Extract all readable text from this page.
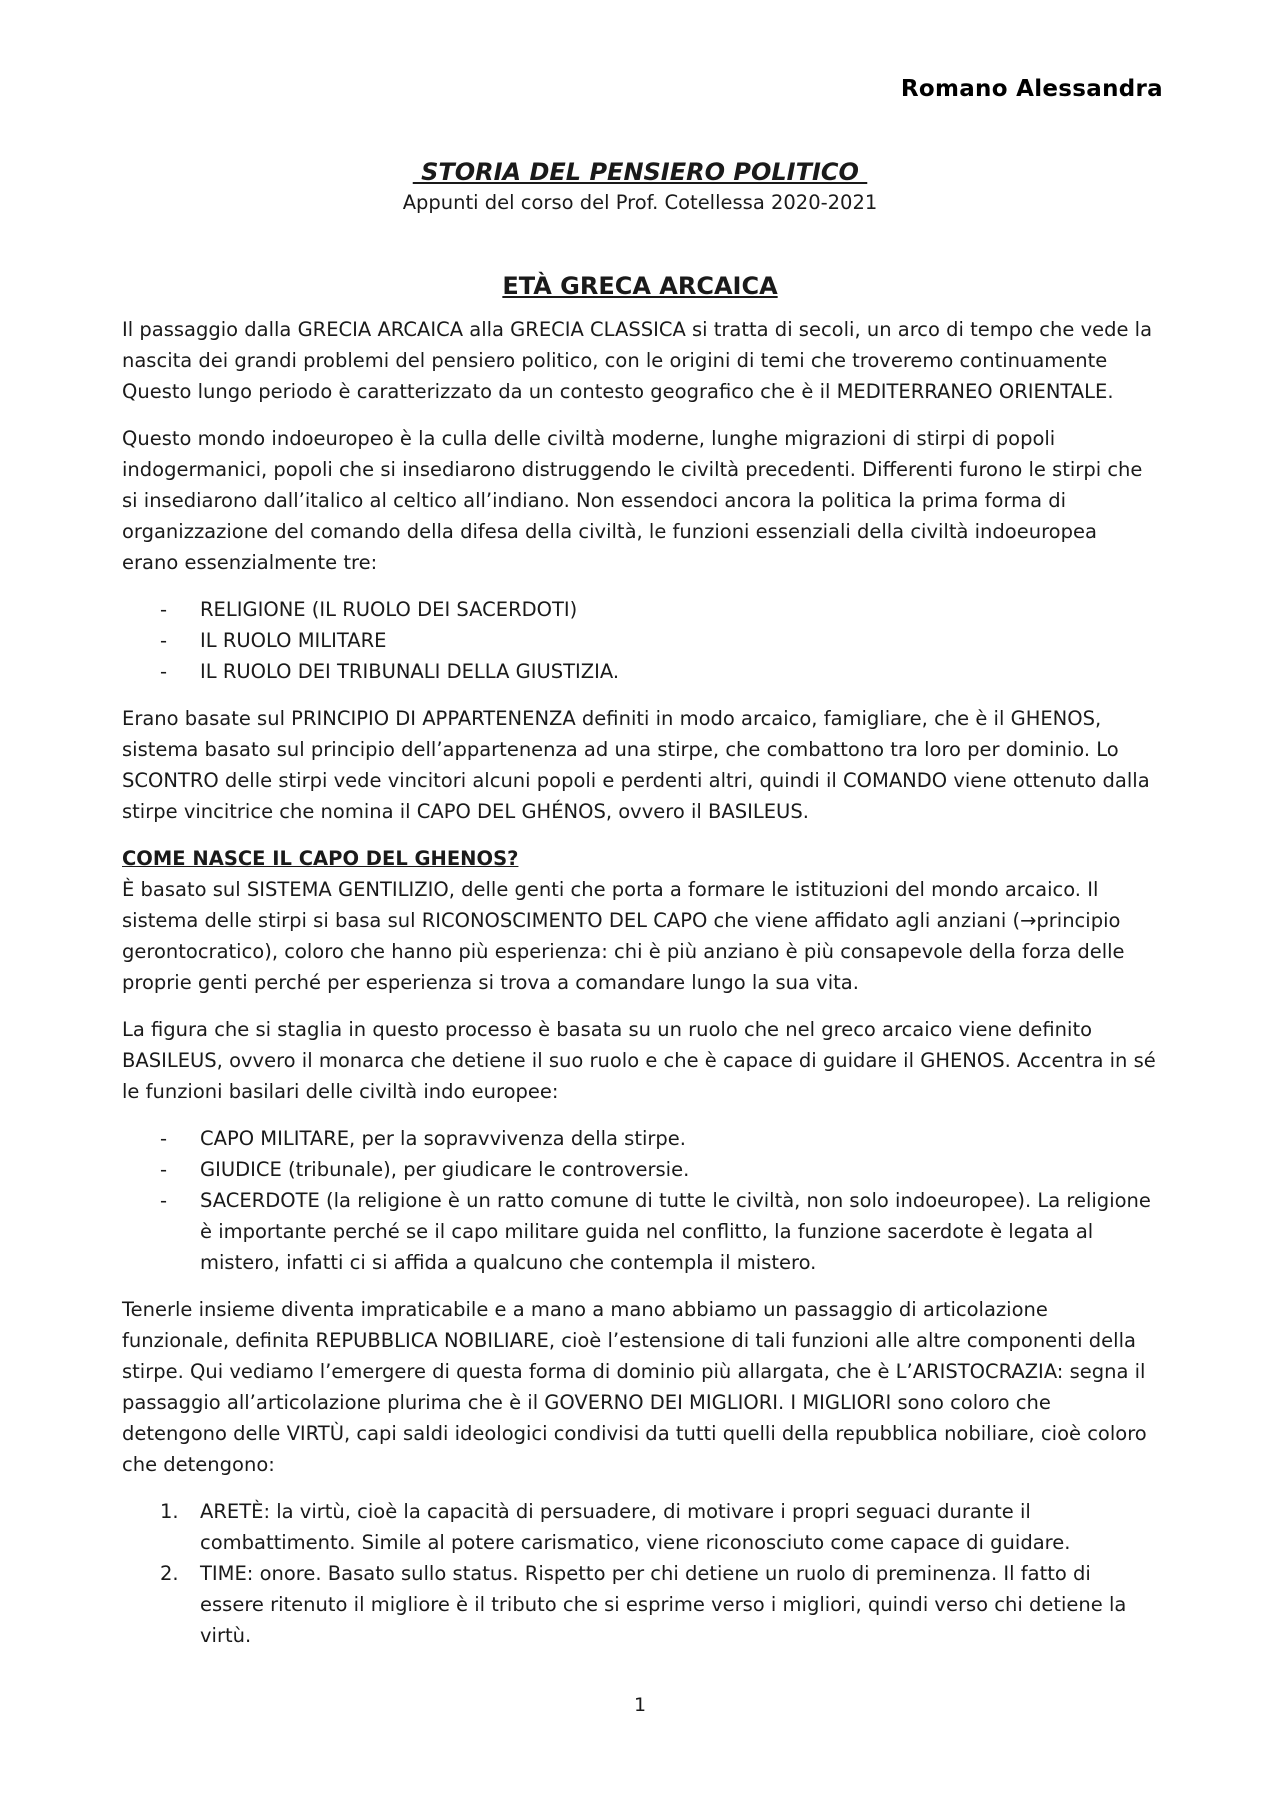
Romano Alessandra
STORIA DEL PENSIERO POLITICO
Appunti del corso del Prof. Cotellessa 2020-2021
ETÀ GRECA ARCAICA

Il passaggio dalla GRECIA ARCAICA alla GRECIA CLASSICA si tratta di secoli, un arco di tempo che vede la nascita dei grandi problemi del pensiero politico, con le origini di temi che troveremo continuamente Questo lungo periodo è caratterizzato da un contesto geografico che è il MEDITERRANEO ORIENTALE.

Questo mondo indoeuropeo è la culla delle civiltà moderne, lunghe migrazioni di stirpi di popoli indogermanici, popoli che si insediarono distruggendo le civiltà precedenti. Differenti furono le stirpi che si insediarono dall’italico al celtico all’indiano. Non essendoci ancora la politica la prima forma di organizzazione del comando della difesa della civiltà, le funzioni essenziali della civiltà indoeuropea erano essenzialmente tre:

- RELIGIONE (IL RUOLO DEI SACERDOTI)
- IL RUOLO MILITARE
- IL RUOLO DEI TRIBUNALI DELLA GIUSTIZIA.

Erano basate sul PRINCIPIO DI APPARTENENZA definiti in modo arcaico, famigliare, che è il GHENOS, sistema basato sul principio dell’appartenenza ad una stirpe, che combattono tra loro per dominio. Lo SCONTRO delle stirpi vede vincitori alcuni popoli e perdenti altri, quindi il COMANDO viene ottenuto dalla stirpe vincitrice che nomina il CAPO DEL GHÉNOS, ovvero il BASILEUS.

COME NASCE IL CAPO DEL GHENOS?

È basato sul SISTEMA GENTILIZIO, delle genti che porta a formare le istituzioni del mondo arcaico. Il sistema delle stirpi si basa sul RICONOSCIMENTO DEL CAPO che viene affidato agli anziani (→principio gerontocratico), coloro che hanno più esperienza: chi è più anziano è più consapevole della forza delle proprie genti perché per esperienza si trova a comandare lungo la sua vita.

La figura che si staglia in questo processo è basata su un ruolo che nel greco arcaico viene definito BASILEUS, ovvero il monarca che detiene il suo ruolo e che è capace di guidare il GHENOS. Accentra in sé le funzioni basilari delle civiltà indo europee:

- CAPO MILITARE, per la sopravvivenza della stirpe.
- GIUDICE (tribunale), per giudicare le controversie.
- SACERDOTE (la religione è un ratto comune di tutte le civiltà, non solo indoeuropee). La religione è importante perché se il capo militare guida nel conflitto, la funzione sacerdote è legata al mistero, infatti ci si affida a qualcuno che contempla il mistero.

Tenerle insieme diventa impraticabile e a mano a mano abbiamo un passaggio di articolazione funzionale, definita REPUBBLICA NOBILIARE, cioè l’estensione di tali funzioni alle altre componenti della stirpe. Qui vediamo l’emergere di questa forma di dominio più allargata, che è L’ARISTOCRAZIA: segna il passaggio all’articolazione plurima che è il GOVERNO DEI MIGLIORI. I MIGLIORI sono coloro che detengono delle VIRTÙ, capi saldi ideologici condivisi da tutti quelli della repubblica nobiliare, cioè coloro che detengono:

1. ARETÈ: la virtù, cioè la capacità di persuadere, di motivare i propri seguaci durante il combattimento. Simile al potere carismatico, viene riconosciuto come capace di guidare.
2. TIME: onore. Basato sullo status. Rispetto per chi detiene un ruolo di preminenza. Il fatto di essere ritenuto il migliore è il tributo che si esprime verso i migliori, quindi verso chi detiene la virtù.
1
